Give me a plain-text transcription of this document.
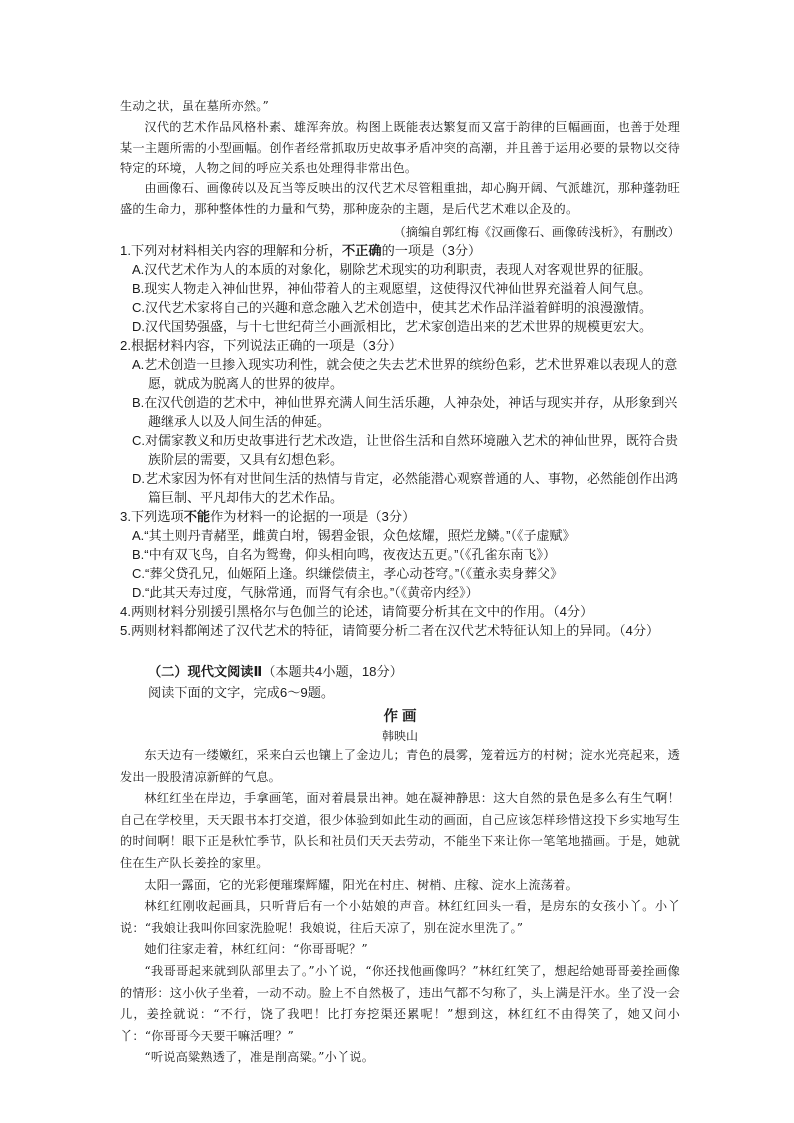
生动之状，虽在墓所亦然。”

汉代的艺术作品风格朴素、雄浑奔放。构图上既能表达繁复而又富于韵律的巨幅画面，也善于处理某一主题所需的小型画幅。创作者经常抓取历史故事矛盾冲突的高潮，并且善于运用必要的景物以交待特定的环境，人物之间的呼应关系也处理得非常出色。

由画像石、画像砖以及瓦当等反映出的汉代艺术尽管粗重拙，却心胸开阔、气派雄沉，那种蓬勃旺盛的生命力，那种整体性的力量和气势，那种庞杂的主题，是后代艺术难以企及的。

（摘编自郭红梅《汉画像石、画像砖浅析》，有删改）

1.下列对材料相关内容的理解和分析，不正确的一项是（3分）

A.汉代艺术作为人的本质的对象化，剔除艺术现实的功利职责，表现人对客观世界的征服。

B.现实人物走入神仙世界，神仙带着人的主观愿望，这使得汉代神仙世界充溢着人间气息。

C.汉代艺术家将自己的兴趣和意念融入艺术创造中，使其艺术作品洋溢着鲜明的浪漫激情。

D.汉代国势强盛，与十七世纪荷兰小画派相比，艺术家创造出来的艺术世界的规模更宏大。

2.根据材料内容，下列说法正确的一项是（3分）

A.艺术创造一旦掺入现实功利性，就会使之失去艺术世界的缤纷色彩，艺术世界难以表现人的意愿，就成为脱离人的世界的彼岸。

B.在汉代创造的艺术中，神仙世界充满人间生活乐趣，人神杂处，神话与现实并存，从形象到兴趣继承人以及人间生活的伸延。

C.对儒家教义和历史故事进行艺术改造，让世俗生活和自然环境融入艺术的神仙世界，既符合贵族阶层的需要，又具有幻想色彩。

D.艺术家因为怀有对世间生活的热情与肯定，必然能潜心观察普通的人、事物，必然能创作出鸿篇巨制、平凡却伟大的艺术作品。

3.下列选项不能作为材料一的论据的一项是（3分）

A.“其土则丹青赭垩，雌黄白坿，锡碧金银，众色炫耀，照烂龙鳞。”（《子虚赋》

B.“中有双飞鸟，自名为鸳鸯，仰头相向鸣，夜夜达五更。”（《孔雀东南飞》）

C.“葬父贷孔兄，仙姬陌上逢。织缣偿债主，孝心动苍穹。”（《董永卖身葬父》

D.“此其天寿过度，气脉常通，而肾气有余也。”（《黄帝内经》）

4.两则材料分别援引黑格尔与色伽兰的论述，请简要分析其在文中的作用。（4分）

5.两则材料都阐述了汉代艺术的特征，请简要分析二者在汉代艺术特征认知上的异同。（4分）

（二）现代文阅读Ⅱ（本题共4小题，18分）

阅读下面的文字，完成6～9题。

作 画
韩映山

东天边有一缕嫩红，采来白云也镶上了金边儿；青色的晨雾，笼着远方的村树；淀水光亮起来，透发出一股股清凉新鲜的气息。

林红红坐在岸边，手拿画笔，面对着晨景出神。她在凝神静思：这大自然的景色是多么有生气啊！自己在学校里，天天跟书本打交道，很少体验到如此生动的画面，自己应该怎样珍惜这投下乡实地写生的时间啊！眼下正是秋忙季节，队长和社员们天天去劳动，不能坐下来让你一笔笔地描画。于是，她就住在生产队长姜拴的家里。

太阳一露面，它的光彩便璀璨辉耀，阳光在村庄、树梢、庄稼、淀水上流荡着。

林红红刚收起画具，只听背后有一个小姑娘的声音。林红红回头一看，是房东的女孩小丫。小丫说：“我娘让我叫你回家洗脸呢！我娘说，往后天凉了，别在淀水里洗了。”

她们往家走着，林红红问：“你哥哥呢？”

“我哥哥起来就到队部里去了。”小丫说，“你还找他画像吗？”林红红笑了，想起给她哥哥姜拴画像的情形：这小伙子坐着，一动不动。脸上不自然极了，违出气都不匀称了，头上满是汗水。坐了没一会儿，姜拴就说：“不行，饶了我吧！比打夯挖渠还累呢！”想到这，林红红不由得笑了，她又问小丫：“你哥哥今天要干嘛活哩？”

“听说高粱熟透了，准是削高粱。”小丫说。
